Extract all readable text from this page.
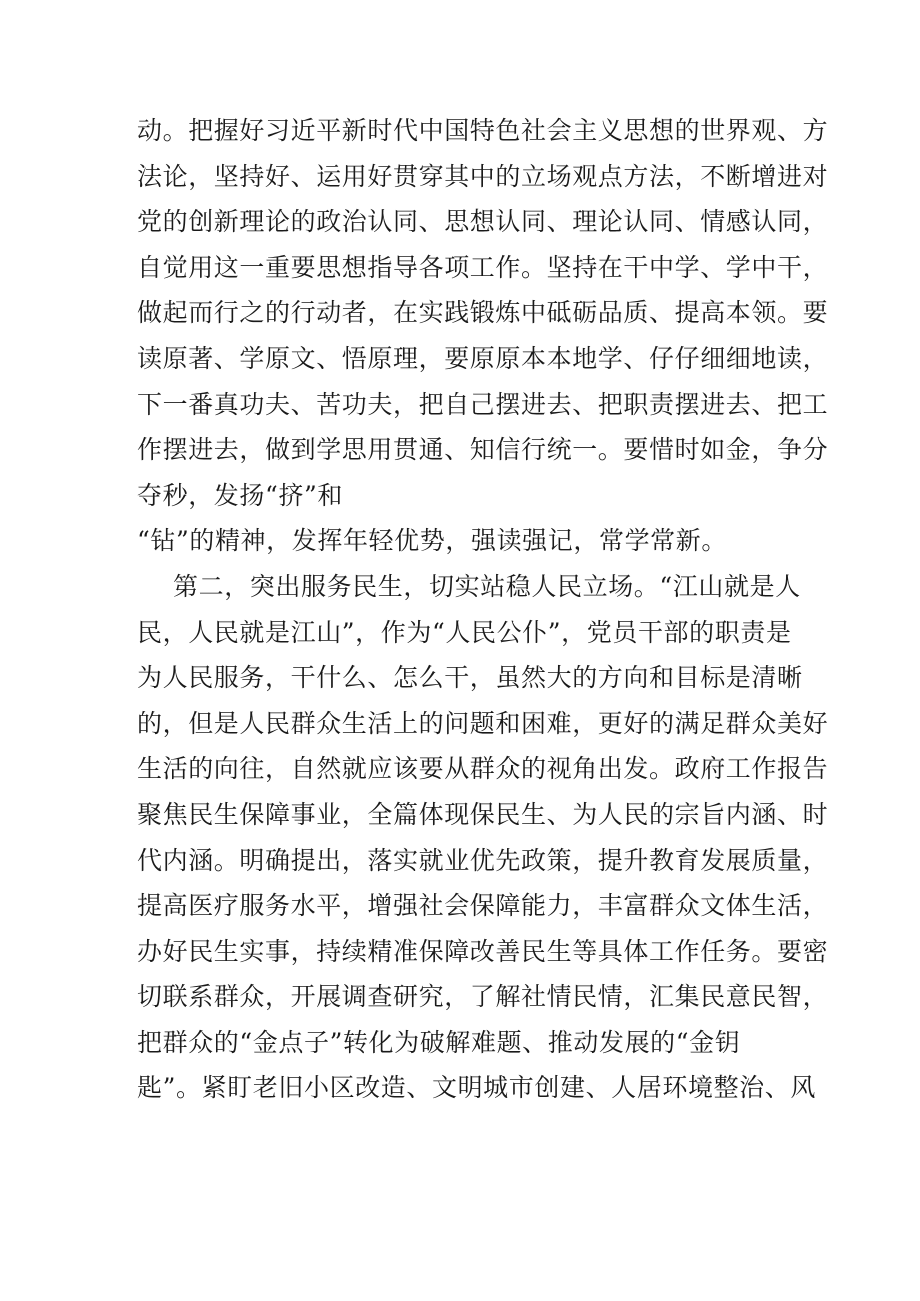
动。把握好习近平新时代中国特色社会主义思想的世界观、方
法论，坚持好、运用好贯穿其中的立场观点方法，不断增进对
党的创新理论的政治认同、思想认同、理论认同、情感认同，
自觉用这一重要思想指导各项工作。坚持在干中学、学中干，
做起而行之的行动者，在实践锻炼中砥砺品质、提高本领。要
读原著、学原文、悟原理，要原原本本地学、仔仔细细地读，
下一番真功夫、苦功夫，把自己摆进去、把职责摆进去、把工
作摆进去，做到学思用贯通、知信行统一。要惜时如金，争分
夺秒，发扬“挤”和
“钻”的精神，发挥年轻优势，强读强记，常学常新。
第二，突出服务民生，切实站稳人民立场。“江山就是人
民，人民就是江山”，作为“人民公仆”，党员干部的职责是
为人民服务，干什么、怎么干，虽然大的方向和目标是清晰
的，但是人民群众生活上的问题和困难，更好的满足群众美好
生活的向往，自然就应该要从群众的视角出发。政府工作报告
聚焦民生保障事业，全篇体现保民生、为人民的宗旨内涵、时
代内涵。明确提出，落实就业优先政策，提升教育发展质量，
提高医疗服务水平，增强社会保障能力，丰富群众文体生活，
办好民生实事，持续精准保障改善民生等具体工作任务。要密
切联系群众，开展调查研究，了解社情民情，汇集民意民智，
把群众的“金点子”转化为破解难题、推动发展的“金钥
匙”。紧盯老旧小区改造、文明城市创建、人居环境整治、风
